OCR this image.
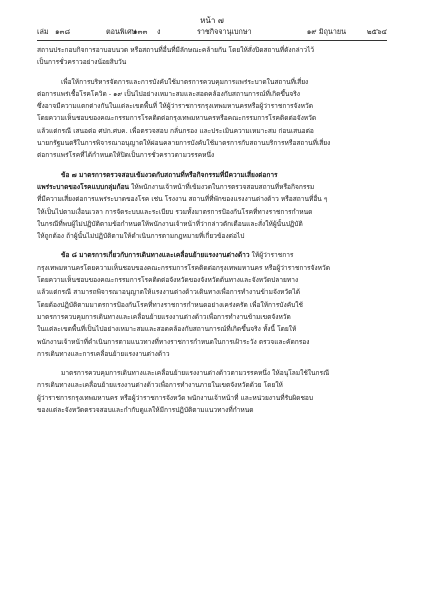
หน้า ๗
เล่ม ๑๓๘	ตอนพิเศษ
๑๓๓ ง	ราชกิจจานุเบกษา	๑๙ มิถุนายน	๒๕๖๔

สถานประกอบกิจการอาบอบนวด หรือสถานที่อื่นที่มีลักษณะคล้ายกัน โดยให้สั่งปิดสถานที่ดังกล่าวไว้
เป็นการชั่วคราวอย่างน้อยสิบวัน

เพื่อให้การบริหารจัดการและการบังคับใช้มาตรการควบคุมการแพร่ระบาดในสถานที่เสี่ยง
ต่อการแพร่เชื้อโรคโควิด - ๑๙ เป็นไปอย่างเหมาะสมและสอดคล้องกับสถานการณ์ที่เกิดขึ้นจริง
ซึ่งอาจมีความแตกต่างกันในแต่ละเขตพื้นที่ ให้ผู้ว่าราชการกรุงเทพมหานครหรือผู้ว่าราชการจังหวัด
โดยความเห็นชอบของคณะกรรมการโรคติดต่อกรุงเทพมหานครหรือคณะกรรมการโรคติดต่อจังหวัด
แล้วแต่กรณี เสนอต่อ ศปก.ศบค. เพื่อตรวจสอบ กลั่นกรอง และประเมินความเหมาะสม ก่อนเสนอต่อ
นายกรัฐมนตรีในการพิจารณาอนุญาตให้ผ่อนคลายการบังคับใช้มาตรการกับสถานบริการหรือสถานที่เสี่ยง
ต่อการแพร่โรคที่ได้กำหนดให้ปิดเป็นการชั่วคราวตามวรรคหนึ่ง

ข้อ ๗ มาตรการตรวจสอบเข้มงวดกับสถานที่หรือกิจกรรมที่มีความเสี่ยงต่อการ
แพร่ระบาดของโรคแบบกลุ่มก้อน ให้พนักงานเจ้าหน้าที่เข้มงวดในการตรวจสอบสถานที่หรือกิจกรรม
ที่มีความเสี่ยงต่อการแพร่ระบาดของโรค เช่น โรงงาน สถานที่ที่พักของแรงงานต่างด้าว หรือสถานที่อื่น ๆ
ให้เป็นไปตามเงื่อนเวลา การจัดระบบและระเบียบ รวมทั้งมาตรการป้องกันโรคที่ทางราชการกำหนด
ในกรณีที่พบผู้ไม่ปฏิบัติตามข้อกำหนดให้พนักงานเจ้าหน้าที่ว่ากล่าวตักเตือนและสั่งให้ผู้นั้นปฏิบัติ
ให้ถูกต้อง ถ้าผู้นั้นไม่ปฏิบัติตามให้ดำเนินการตามกฎหมายที่เกี่ยวข้องต่อไป

ข้อ ๘ มาตรการเกี่ยวกับการเดินทางและเคลื่อนย้ายแรงงานต่างด้าว ให้ผู้ว่าราชการ
กรุงเทพมหานครโดยความเห็นชอบของคณะกรรมการโรคติดต่อกรุงเทพมหานคร หรือผู้ว่าราชการจังหวัด
โดยความเห็นชอบของคณะกรรมการโรคติดต่อจังหวัดของจังหวัดต้นทางและจังหวัดปลายทาง
แล้วแต่กรณี สามารถพิจารณาอนุญาตให้แรงงานต่างด้าวเดินทางเพื่อการทำงานข้ามจังหวัดได้
โดยต้องปฏิบัติตามมาตรการป้องกันโรคที่ทางราชการกำหนดอย่างเคร่งครัด เพื่อให้การบังคับใช้
มาตรการควบคุมการเดินทางและเคลื่อนย้ายแรงงานต่างด้าวเพื่อการทำงานข้ามเขตจังหวัด
ในแต่ละเขตพื้นที่เป็นไปอย่างเหมาะสมและสอดคล้องกับสถานการณ์ที่เกิดขึ้นจริง ทั้งนี้ โดยให้
พนักงานเจ้าหน้าที่ดำเนินการตามแนวทางที่ทางราชการกำหนดในการเฝ้าระวัง ตรวจและคัดกรอง
การเดินทางและการเคลื่อนย้ายแรงงานต่างด้าว

มาตรการควบคุมการเดินทางและเคลื่อนย้ายแรงงานต่างด้าวตามวรรคหนึ่ง ให้อนุโลมใช้ในกรณี
การเดินทางและเคลื่อนย้ายแรงงานต่างด้าวเพื่อการทำงานภายในเขตจังหวัดด้วย โดยให้
ผู้ว่าราชการกรุงเทพมหานคร หรือผู้ว่าราชการจังหวัด พนักงานเจ้าหน้าที่ และหน่วยงานที่รับผิดชอบ
ของแต่ละจังหวัดตรวจสอบและกำกับดูแลให้มีการปฏิบัติตามแนวทางที่กำหนด
